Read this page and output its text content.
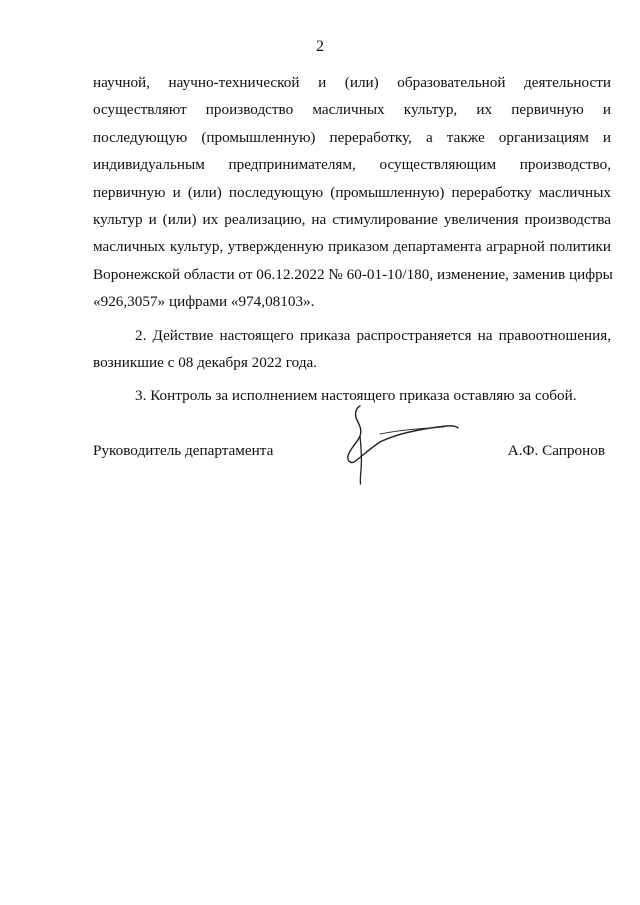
2
научной, научно-технической и (или) образовательной деятельности
осуществляют производство масличных культур, их первичную и
последующую (промышленную) переработку, а также организациям и
индивидуальным предпринимателям, осуществляющим производство,
первичную и (или) последующую (промышленную) переработку масличных
культур и (или) их реализацию, на стимулирование увеличения производства
масличных культур, утвержденную приказом департамента аграрной политики
Воронежской области от 06.12.2022 № 60-01-10/180, изменение, заменив цифры
«926,3057» цифрами «974,08103».
2. Действие настоящего приказа распространяется на правоотношения,
возникшие с 08 декабря 2022 года.
3. Контроль за исполнением настоящего приказа оставляю за собой.
Руководитель департамента	А.Ф. Сапронов
